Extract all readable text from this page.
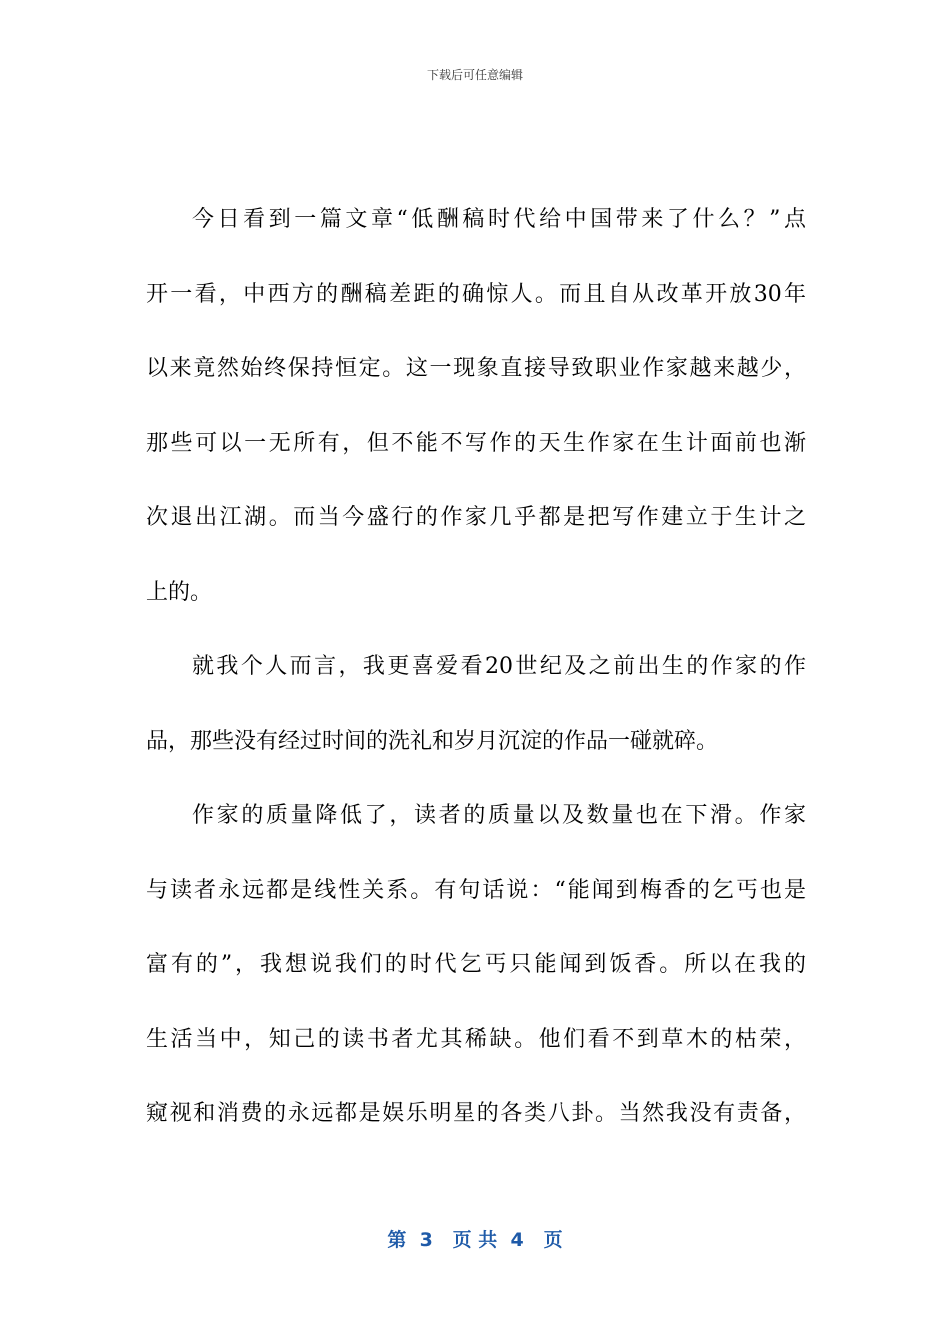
下载后可任意编辑
今日看到一篇文章“低酬稿时代给中国带来了什么？”点
开一看，中西方的酬稿差距的确惊人。而且自从改革开放30年
以来竟然始终保持恒定。这一现象直接导致职业作家越来越少，
那些可以一无所有，但不能不写作的天生作家在生计面前也渐
次退出江湖。而当今盛行的作家几乎都是把写作建立于生计之
上的。
就我个人而言，我更喜爱看20世纪及之前出生的作家的作
品，那些没有经过时间的洗礼和岁月沉淀的作品一碰就碎。
作家的质量降低了，读者的质量以及数量也在下滑。作家
与读者永远都是线性关系。有句话说：“能闻到梅香的乞丐也是
富有的”，我想说我们的时代乞丐只能闻到饭香。所以在我的
生活当中，知己的读书者尤其稀缺。他们看不到草木的枯荣，
窥视和消费的永远都是娱乐明星的各类八卦。当然我没有责备，
第  3   页 共  4   页
